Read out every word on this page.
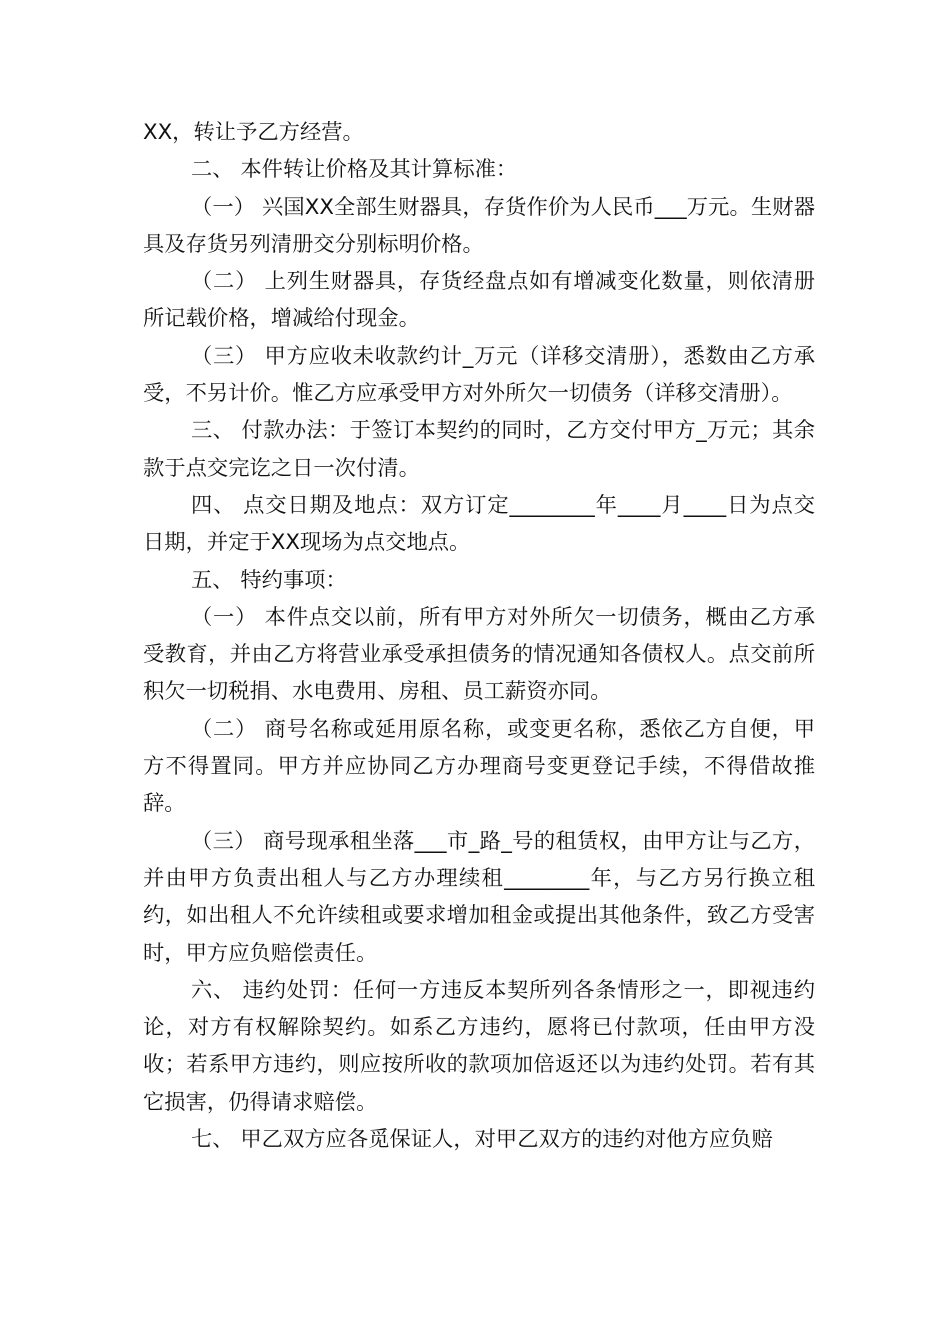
XX，转让予乙方经营。

二、 本件转让价格及其计算标准：

（一） 兴国XX全部生财器具，存货作价为人民币___万元。生财器具及存货另列清册交分别标明价格。

（二） 上列生财器具，存货经盘点如有增减变化数量，则依清册所记载价格，增减给付现金。

（三） 甲方应收未收款约计_万元（详移交清册），悉数由乙方承受，不另计价。惟乙方应承受甲方对外所欠一切债务（详移交清册）。

三、 付款办法：于签订本契约的同时，乙方交付甲方_万元；其余款于点交完讫之日一次付清。

四、 点交日期及地点：双方订定________年____月____日为点交日期，并定于XX现场为点交地点。

五、 特约事项：

（一） 本件点交以前，所有甲方对外所欠一切债务，概由乙方承受教育，并由乙方将营业承受承担债务的情况通知各债权人。点交前所积欠一切税捐、水电费用、房租、员工薪资亦同。

（二） 商号名称或延用原名称，或变更名称，悉依乙方自便，甲方不得置同。甲方并应协同乙方办理商号变更登记手续，不得借故推辞。

（三） 商号现承租坐落___市_路_号的租赁权，由甲方让与乙方，并由甲方负责出租人与乙方办理续租________年，与乙方另行换立租约，如出租人不允许续租或要求增加租金或提出其他条件，致乙方受害时，甲方应负赔偿责任。

六、 违约处罚：任何一方违反本契所列各条情形之一，即视违约论，对方有权解除契约。如系乙方违约，愿将已付款项，任由甲方没收；若系甲方违约，则应按所收的款项加倍返还以为违约处罚。若有其它损害，仍得请求赔偿。

七、 甲乙双方应各觅保证人，对甲乙双方的违约对他方应负赔
